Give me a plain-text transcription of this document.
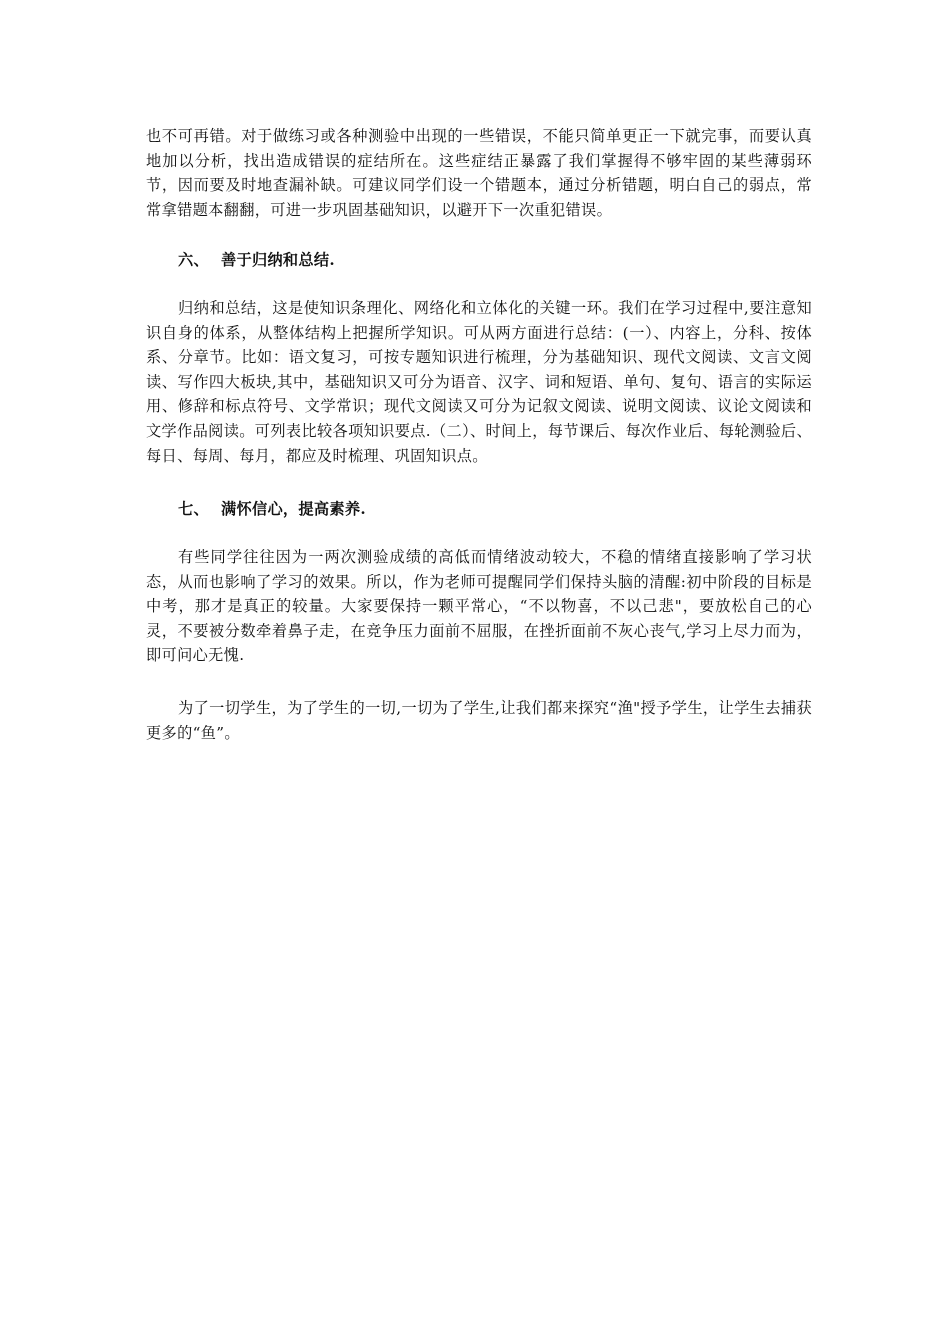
也不可再错。对于做练习或各种测验中出现的一些错误，不能只简单更正一下就完事，而要认真地加以分析，找出造成错误的症结所在。这些症结正暴露了我们掌握得不够牢固的某些薄弱环节，因而要及时地查漏补缺。可建议同学们设一个错题本，通过分析错题，明白自己的弱点，常常拿错题本翻翻，可进一步巩固基础知识，以避开下一次重犯错误。

六、 善于归纳和总结.

归纳和总结，这是使知识条理化、网络化和立体化的关键一环。我们在学习过程中,要注意知识自身的体系，从整体结构上把握所学知识。可从两方面进行总结：(一）、内容上，分科、按体系、分章节。比如：语文复习，可按专题知识进行梳理，分为基础知识、现代文阅读、文言文阅读、写作四大板块,其中，基础知识又可分为语音、汉字、词和短语、单句、复句、语言的实际运用、修辞和标点符号、文学常识；现代文阅读又可分为记叙文阅读、说明文阅读、议论文阅读和文学作品阅读。可列表比较各项知识要点.（二）、时间上，每节课后、每次作业后、每轮测验后、每日、每周、每月，都应及时梳理、巩固知识点。

七、 满怀信心，提高素养.

有些同学往往因为一两次测验成绩的高低而情绪波动较大，不稳的情绪直接影响了学习状态，从而也影响了学习的效果。所以，作为老师可提醒同学们保持头脑的清醒:初中阶段的目标是中考，那才是真正的较量。大家要保持一颗平常心，“不以物喜，不以己悲"，要放松自己的心灵，不要被分数牵着鼻子走，在竞争压力面前不屈服，在挫折面前不灰心丧气,学习上尽力而为，即可问心无愧.

为了一切学生，为了学生的一切,一切为了学生,让我们都来探究“渔"授予学生，让学生去捕获更多的“鱼”。
